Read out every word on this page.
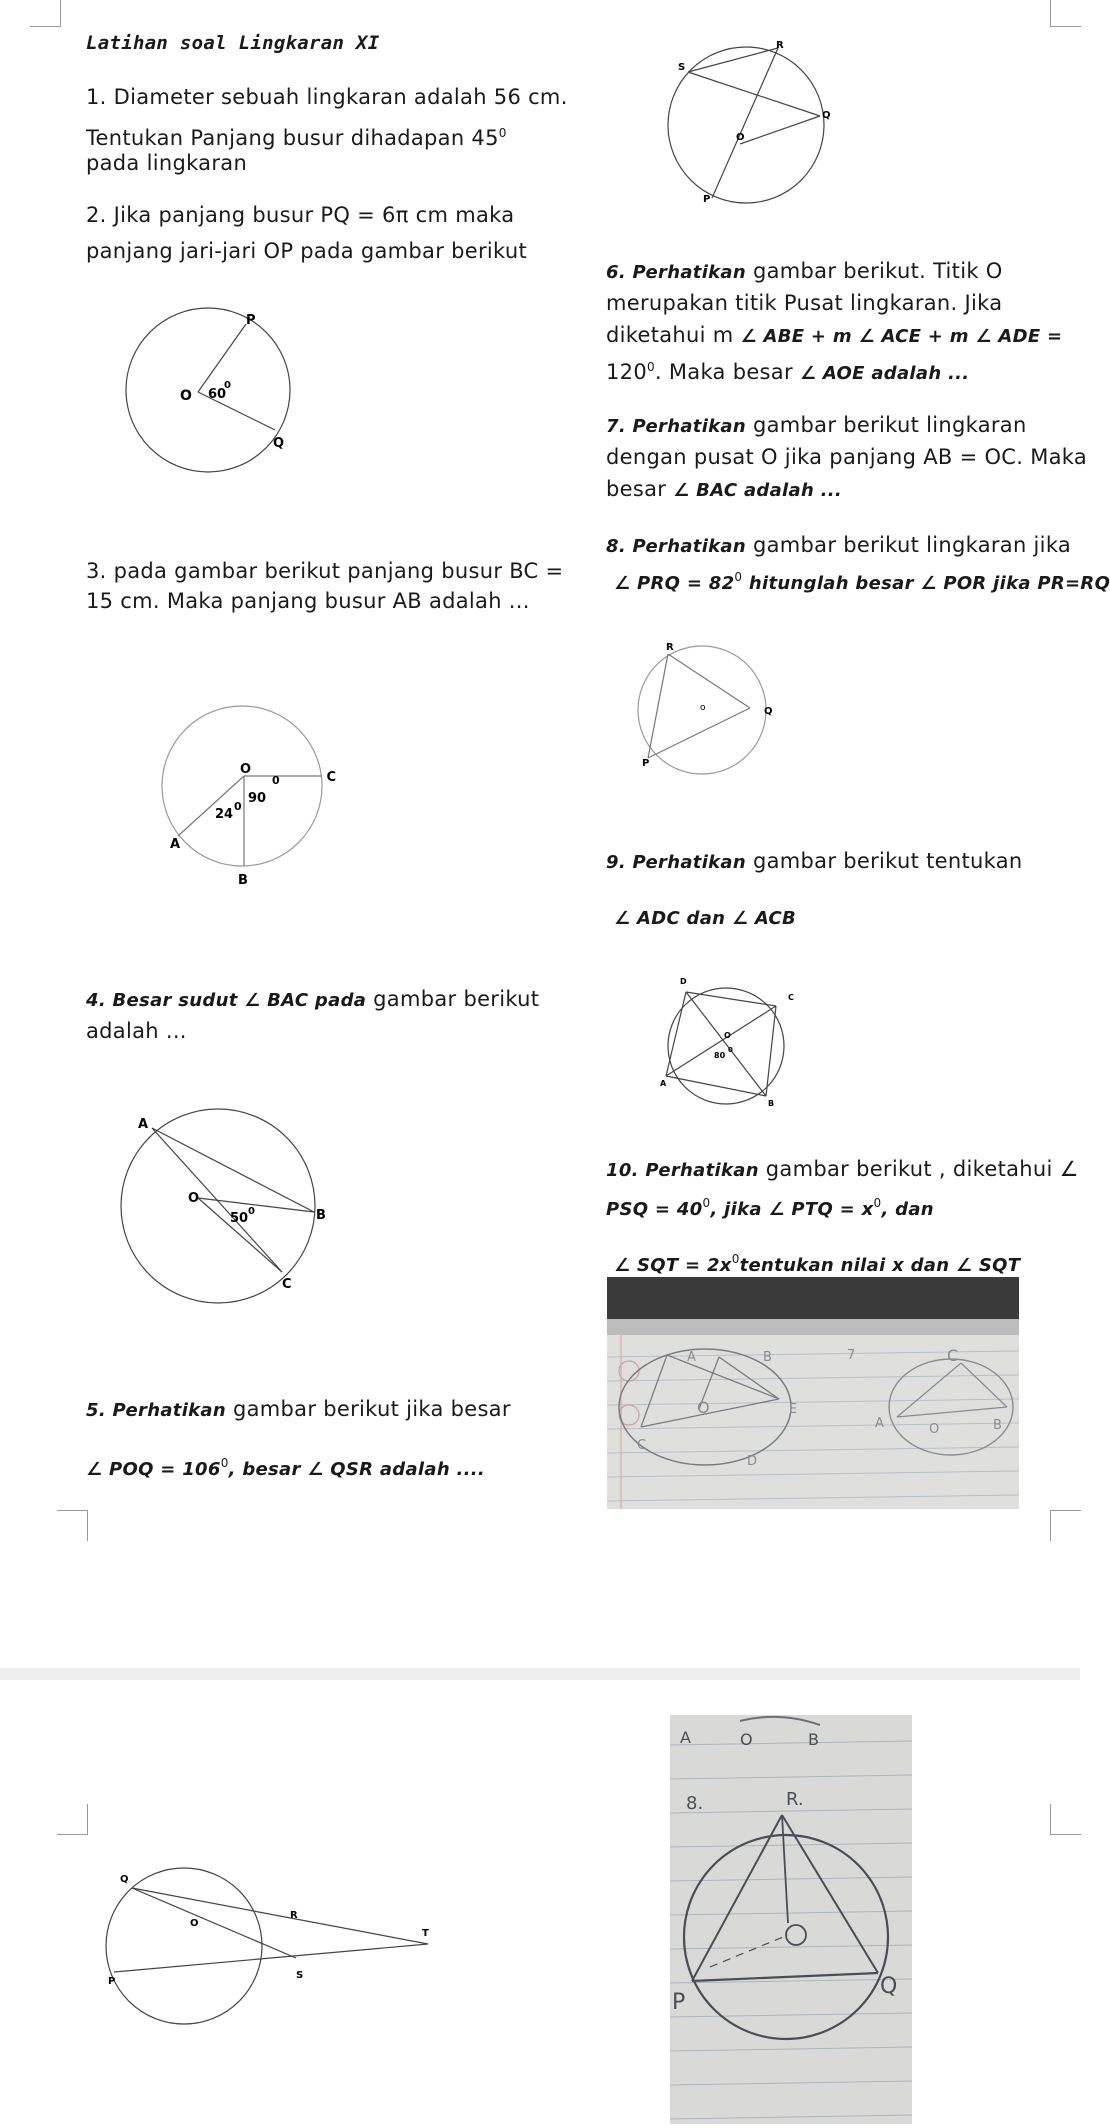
Latihan soal Lingkaran XI
1. Diameter sebuah lingkaran adalah 56 cm.
Tentukan Panjang busur dihadapan $45^0$
pada lingkaran
2. Jika panjang busur PQ = 6π cm maka
panjang jari-jari OP pada gambar berikut
P
O
Q
60
0
3. pada gambar berikut panjang busur BC =
15 cm. Maka panjang busur AB adalah ...
O
C
A
B
90
0
24
0
4. Besar sudut ∠ BAC pada gambar berikut
adalah ...
A
O
B
C
50 0
5. Perhatikan gambar berikut jika besar
∠ POQ = $106^0$, besar ∠ QSR adalah ....
S
R
Q
O
P
6. Perhatikan gambar berikut. Titik O
merupakan titik Pusat lingkaran. Jika
diketahui m ∠ ABE + m ∠ ACE + m ∠ ADE =
$120^0$. Maka besar ∠ AOE adalah ...
7. Perhatikan gambar berikut lingkaran
dengan pusat O jika panjang AB = OC. Maka
besar ∠ BAC adalah ...
8. Perhatikan gambar berikut lingkaran jika
∠ PRQ = $82^0$ hitunglah besar ∠ POR jika PR=RQ
R
o	Q
P
9. Perhatikan gambar berikut tentukan
∠ ADC dan ∠ ACB
D
C
O
A
B
80
0
10. Perhatikan gambar berikut , diketahui ∠
PSQ = $40^0$, jika ∠ PTQ = $x^0$, dan
∠ SQT = $2x^0tentukan$ nilai x dan ∠ SQT
A
O	E
C
D
B
A	O
C
B
7
Q
O
R
T
P
S
A	O	B
8.	R.
P
Q
